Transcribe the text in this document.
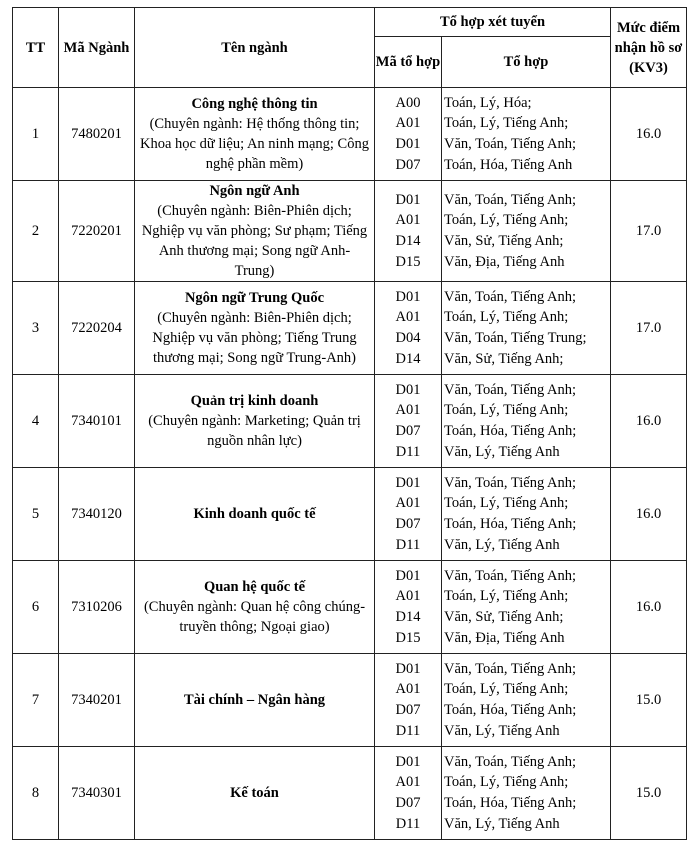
TT	Mã Ngành	Tên ngành	Tổ hợp xét tuyển		Mức điểm nhận hồ sơ (KV3)
			Mã tổ hợp	Tổ hợp	
1	7480201	Công nghệ thông tin
(Chuyên ngành: Hệ thống thông tin; Khoa học dữ liệu; An ninh mạng; Công nghệ phần mềm)	A00
A01
D01
D07	Toán, Lý, Hóa;
Toán, Lý, Tiếng Anh;
Văn, Toán, Tiếng Anh;
Toán, Hóa, Tiếng Anh	16.0
2	7220201	Ngôn ngữ Anh
(Chuyên ngành: Biên-Phiên dịch; Nghiệp vụ văn phòng; Sư phạm; Tiếng Anh thương mại; Song ngữ Anh-Trung)	D01
A01
D14
D15	Văn, Toán, Tiếng Anh;
Toán, Lý, Tiếng Anh;
Văn, Sử, Tiếng Anh;
Văn, Địa, Tiếng Anh	17.0
3	7220204	Ngôn ngữ Trung Quốc
(Chuyên ngành: Biên-Phiên dịch; Nghiệp vụ văn phòng; Tiếng Trung thương mại; Song ngữ Trung-Anh)	D01
A01
D04
D14	Văn, Toán, Tiếng Anh;
Toán, Lý, Tiếng Anh;
Văn, Toán, Tiếng Trung;
Văn, Sử, Tiếng Anh;	17.0
4	7340101	Quản trị kinh doanh
(Chuyên ngành: Marketing; Quản trị nguồn nhân lực)	D01
A01
D07
D11	Văn, Toán, Tiếng Anh;
Toán, Lý, Tiếng Anh;
Toán, Hóa, Tiếng Anh;
Văn, Lý, Tiếng Anh	16.0
5	7340120	Kinh doanh quốc tế	D01
A01
D07
D11	Văn, Toán, Tiếng Anh;
Toán, Lý, Tiếng Anh;
Toán, Hóa, Tiếng Anh;
Văn, Lý, Tiếng Anh	16.0
6	7310206	Quan hệ quốc tế
(Chuyên ngành: Quan hệ công chúng-truyền thông; Ngoại giao)	D01
A01
D14
D15	Văn, Toán, Tiếng Anh;
Toán, Lý, Tiếng Anh;
Văn, Sử, Tiếng Anh;
Văn, Địa, Tiếng Anh	16.0
7	7340201	Tài chính – Ngân hàng	D01
A01
D07
D11	Văn, Toán, Tiếng Anh;
Toán, Lý, Tiếng Anh;
Toán, Hóa, Tiếng Anh;
Văn, Lý, Tiếng Anh	15.0
8	7340301	Kế toán	D01
A01
D07
D11	Văn, Toán, Tiếng Anh;
Toán, Lý, Tiếng Anh;
Toán, Hóa, Tiếng Anh;
Văn, Lý, Tiếng Anh	15.0
